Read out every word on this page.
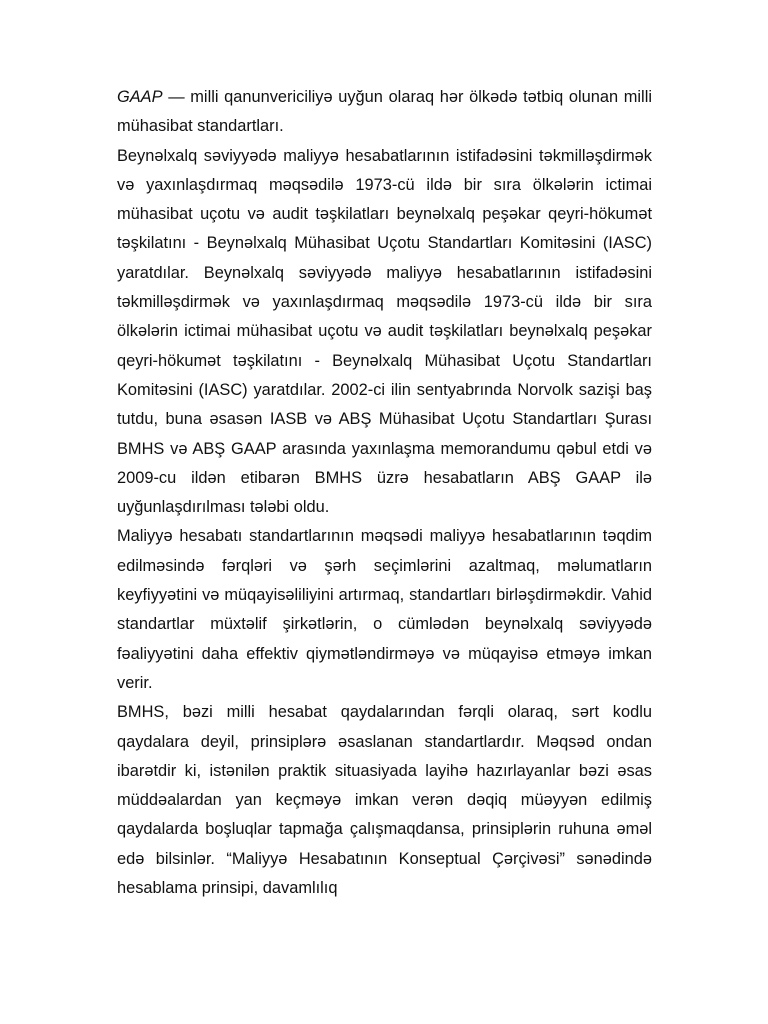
GAAP — milli qanunvericiliyə uyğun olaraq hər ölkədə tətbiq olunan milli mühasibat standartları.

Beynəlxalq səviyyədə maliyyə hesabatlarının istifadəsini təkmilləşdirmək və yaxınlaşdırmaq məqsədilə 1973-cü ildə bir sıra ölkələrin ictimai mühasibat uçotu və audit təşkilatları beynəlxalq peşəkar qeyri-hökumət təşkilatını - Beynəlxalq Mühasibat Uçotu Standartları Komitəsini (IASC) yaratdılar. Beynəlxalq səviyyədə maliyyə hesabatlarının istifadəsini təkmilləşdirmək və yaxınlaşdırmaq məqsədilə 1973-cü ildə bir sıra ölkələrin ictimai mühasibat uçotu və audit təşkilatları beynəlxalq peşəkar qeyri-hökumət təşkilatını - Beynəlxalq Mühasibat Uçotu Standartları Komitəsini (IASC) yaratdılar. 2002-ci ilin sentyabrında Norvolk sazişi baş tutdu, buna əsasən IASB və ABŞ Mühasibat Uçotu Standartları Şurası BMHS və ABŞ GAAP arasında yaxınlaşma memorandumu qəbul etdi və 2009-cu ildən etibarən BMHS üzrə hesabatların ABŞ GAAP ilə uyğunlaşdırılması tələbi oldu.

Maliyyə hesabatı standartlarının məqsədi maliyyə hesabatlarının təqdim edilməsində fərqləri və şərh seçimlərini azaltmaq, məlumatların keyfiyyətini və müqayisəliliyini artırmaq, standartları birləşdirməkdir. Vahid standartlar müxtəlif şirkətlərin, o cümlədən beynəlxalq səviyyədə fəaliyyətini daha effektiv qiymətləndirməyə və müqayisə etməyə imkan verir.

BMHS, bəzi milli hesabat qaydalarından fərqli olaraq, sərt kodlu qaydalara deyil, prinsiplərə əsaslanan standartlardır. Məqsəd ondan ibarətdir ki, istənilən praktik situasiyada layihə hazırlayanlar bəzi əsas müddəalardan yan keçməyə imkan verən dəqiq müəyyən edilmiş qaydalarda boşluqlar tapmağa çalışmaqdansa, prinsiplərin ruhuna əməl edə bilsinlər. “Maliyyə Hesabatının Konseptual Çərçivəsi” sənədində hesablama prinsipi, davamlılıq
